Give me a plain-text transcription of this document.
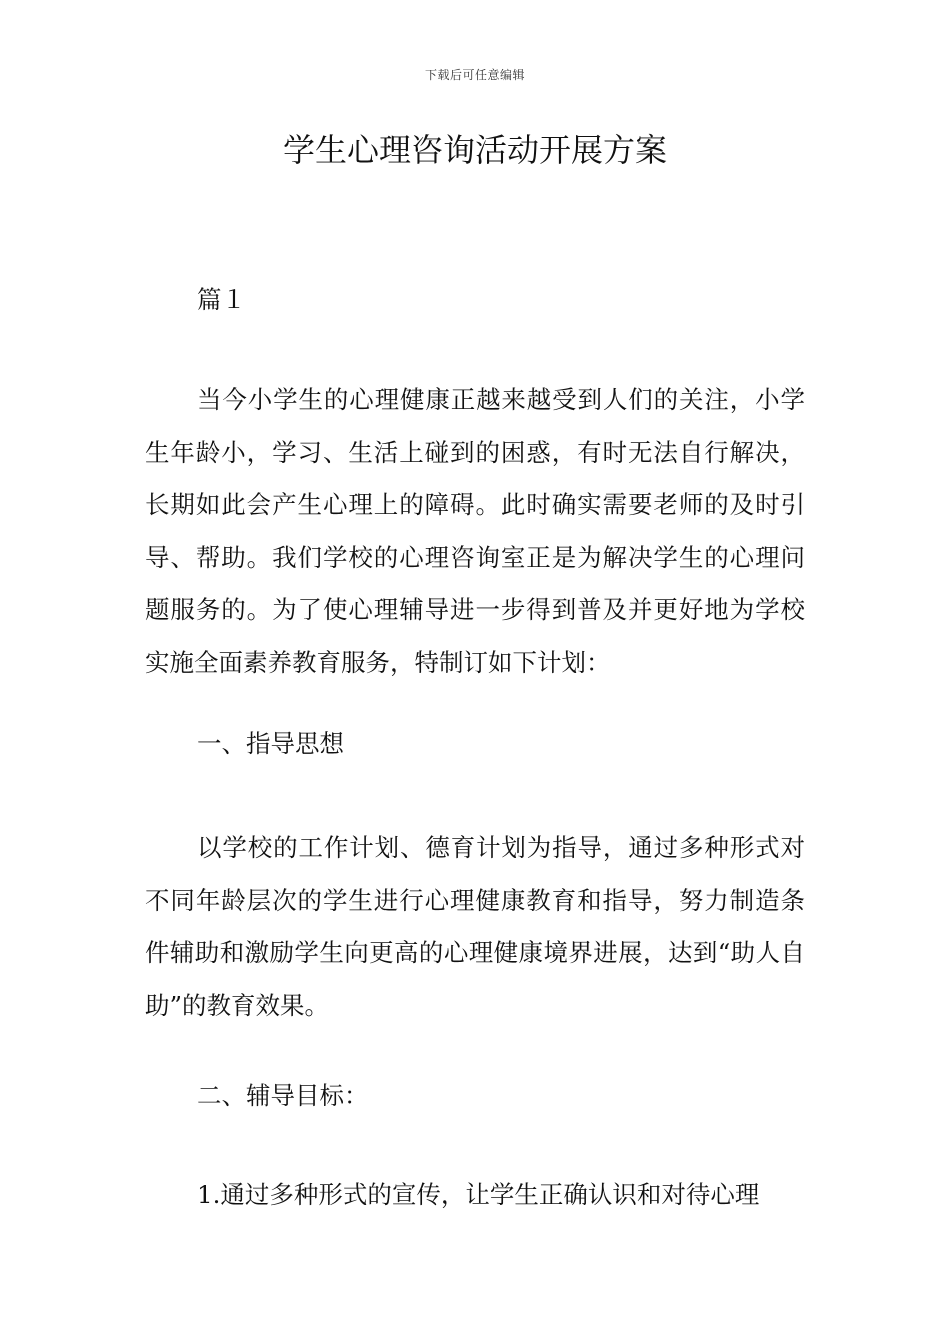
下载后可任意编辑
学生心理咨询活动开展方案

篇１

当今小学生的心理健康正越来越受到人们的关注，小学生年龄小，学习、生活上碰到的困惑，有时无法自行解决，长期如此会产生心理上的障碍。此时确实需要老师的及时引导、帮助。我们学校的心理咨询室正是为解决学生的心理问题服务的。为了使心理辅导进一步得到普及并更好地为学校实施全面素养教育服务，特制订如下计划：

一、指导思想

以学校的工作计划、德育计划为指导，通过多种形式对不同年龄层次的学生进行心理健康教育和指导，努力制造条件辅助和激励学生向更高的心理健康境界进展，达到“助人自助”的教育效果。

二、辅导目标：

1.通过多种形式的宣传，让学生正确认识和对待心理
